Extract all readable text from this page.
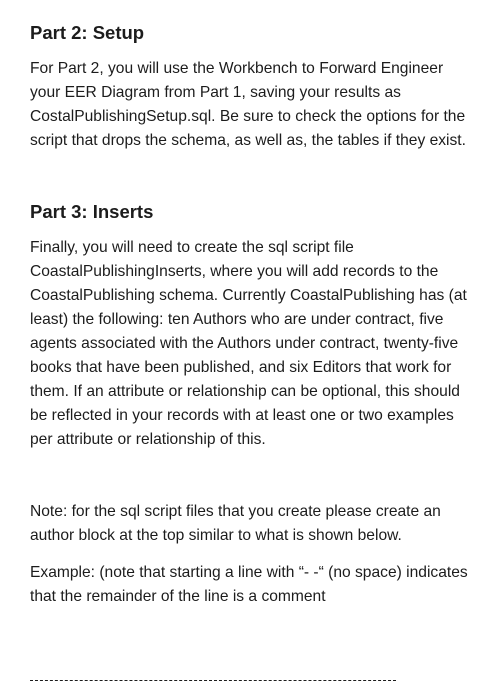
Part 2: Setup

For Part 2, you will use the Workbench to Forward Engineer your EER Diagram from Part 1, saving your results as CostalPublishingSetup.sql. Be sure to check the options for the script that drops the schema, as well as, the tables if they exist.

Part 3: Inserts

Finally, you will need to create the sql script file CoastalPublishingInserts, where you will add records to the CoastalPublishing schema. Currently CoastalPublishing has (at least) the following: ten Authors who are under contract, five agents associated with the Authors under contract, twenty-five books that have been published, and six Editors that work for them. If an attribute or relationship can be optional, this should be reflected in your records with at least one or two examples per attribute or relationship of this.

Note: for the sql script files that you create please create an author block at the top similar to what is shown below.

Example: (note that starting a line with “- -“ (no space) indicates that the remainder of the line is a comment
